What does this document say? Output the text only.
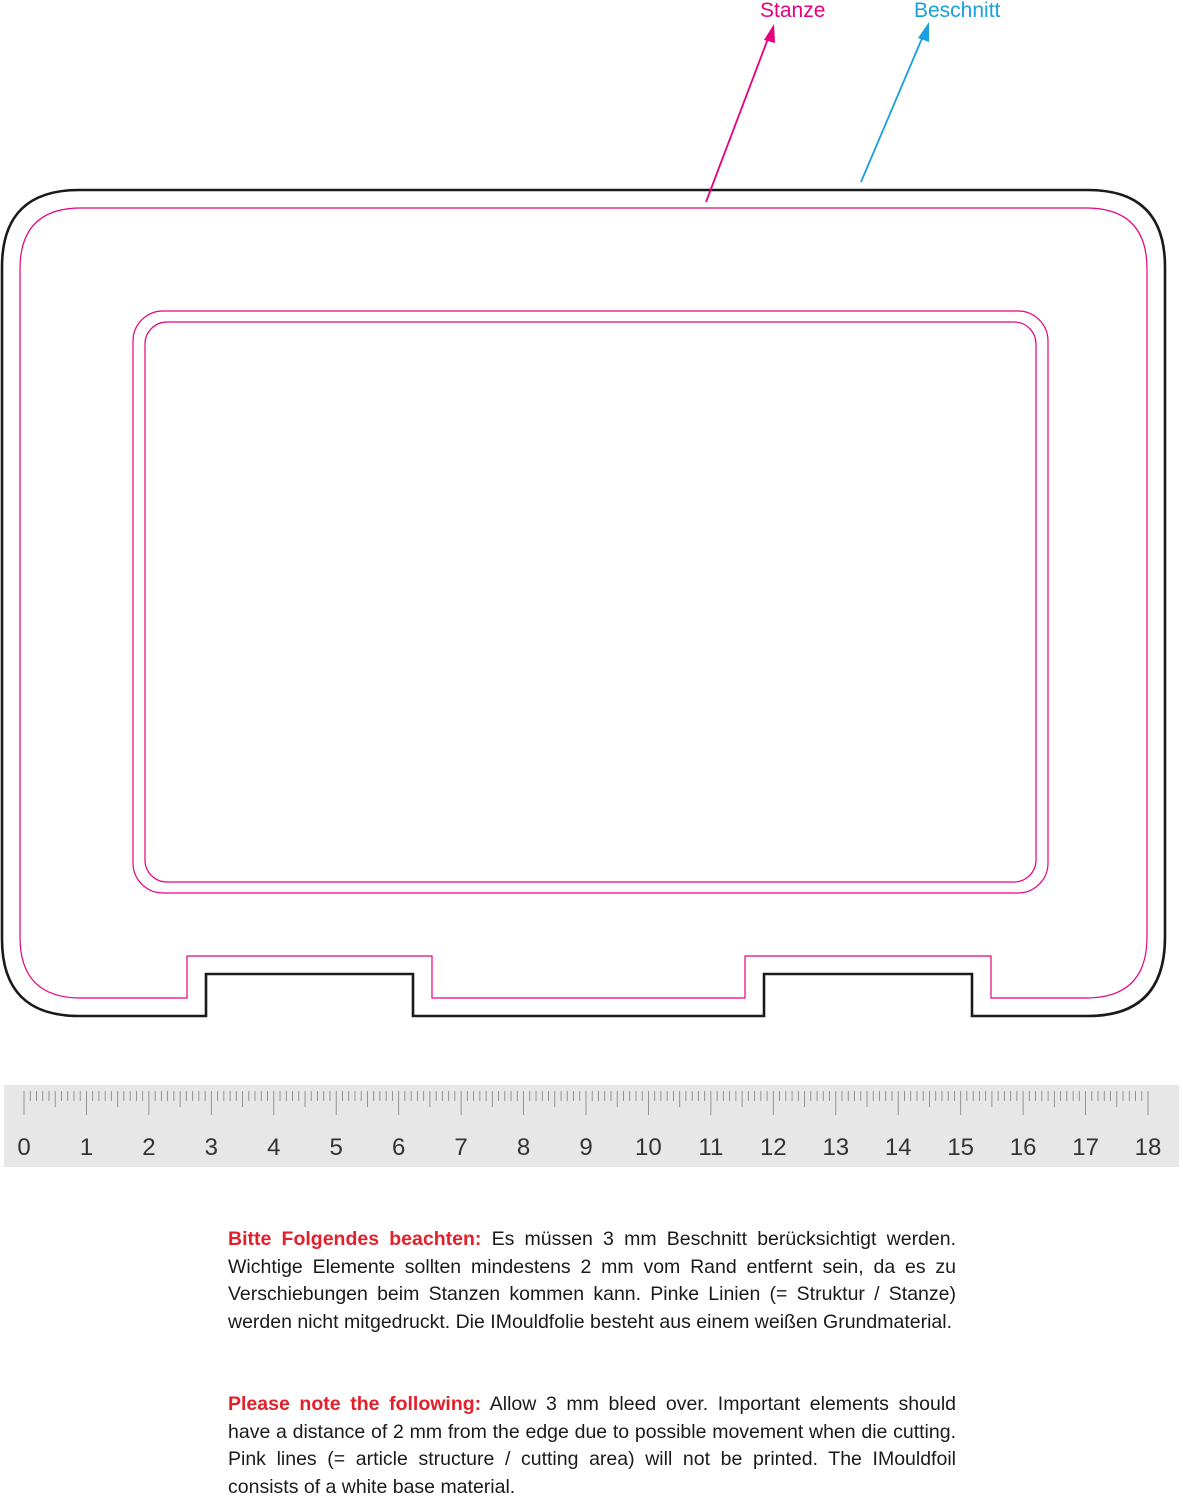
Stanze	Beschnitt
0 1 2 3 4 5 6 7 8 9 10 11 12 13 14 15 16 17 18

Bitte Folgendes beachten: Es müssen 3 mm Beschnitt berücksichtigt werden. Wichtige Elemente sollten mindestens 2 mm vom Rand entfernt sein, da es zu Verschiebungen beim Stanzen kommen kann. Pinke Linien (= Struktur / Stanze) werden nicht mitgedruckt. Die IMouldfolie besteht aus einem weißen Grundmaterial.

Please note the following: Allow 3 mm bleed over. Important elements should have a distance of 2 mm from the edge due to possible movement when die cutting. Pink lines (= article structure / cutting area) will not be printed. The IMouldfoil consists of a white base material.
